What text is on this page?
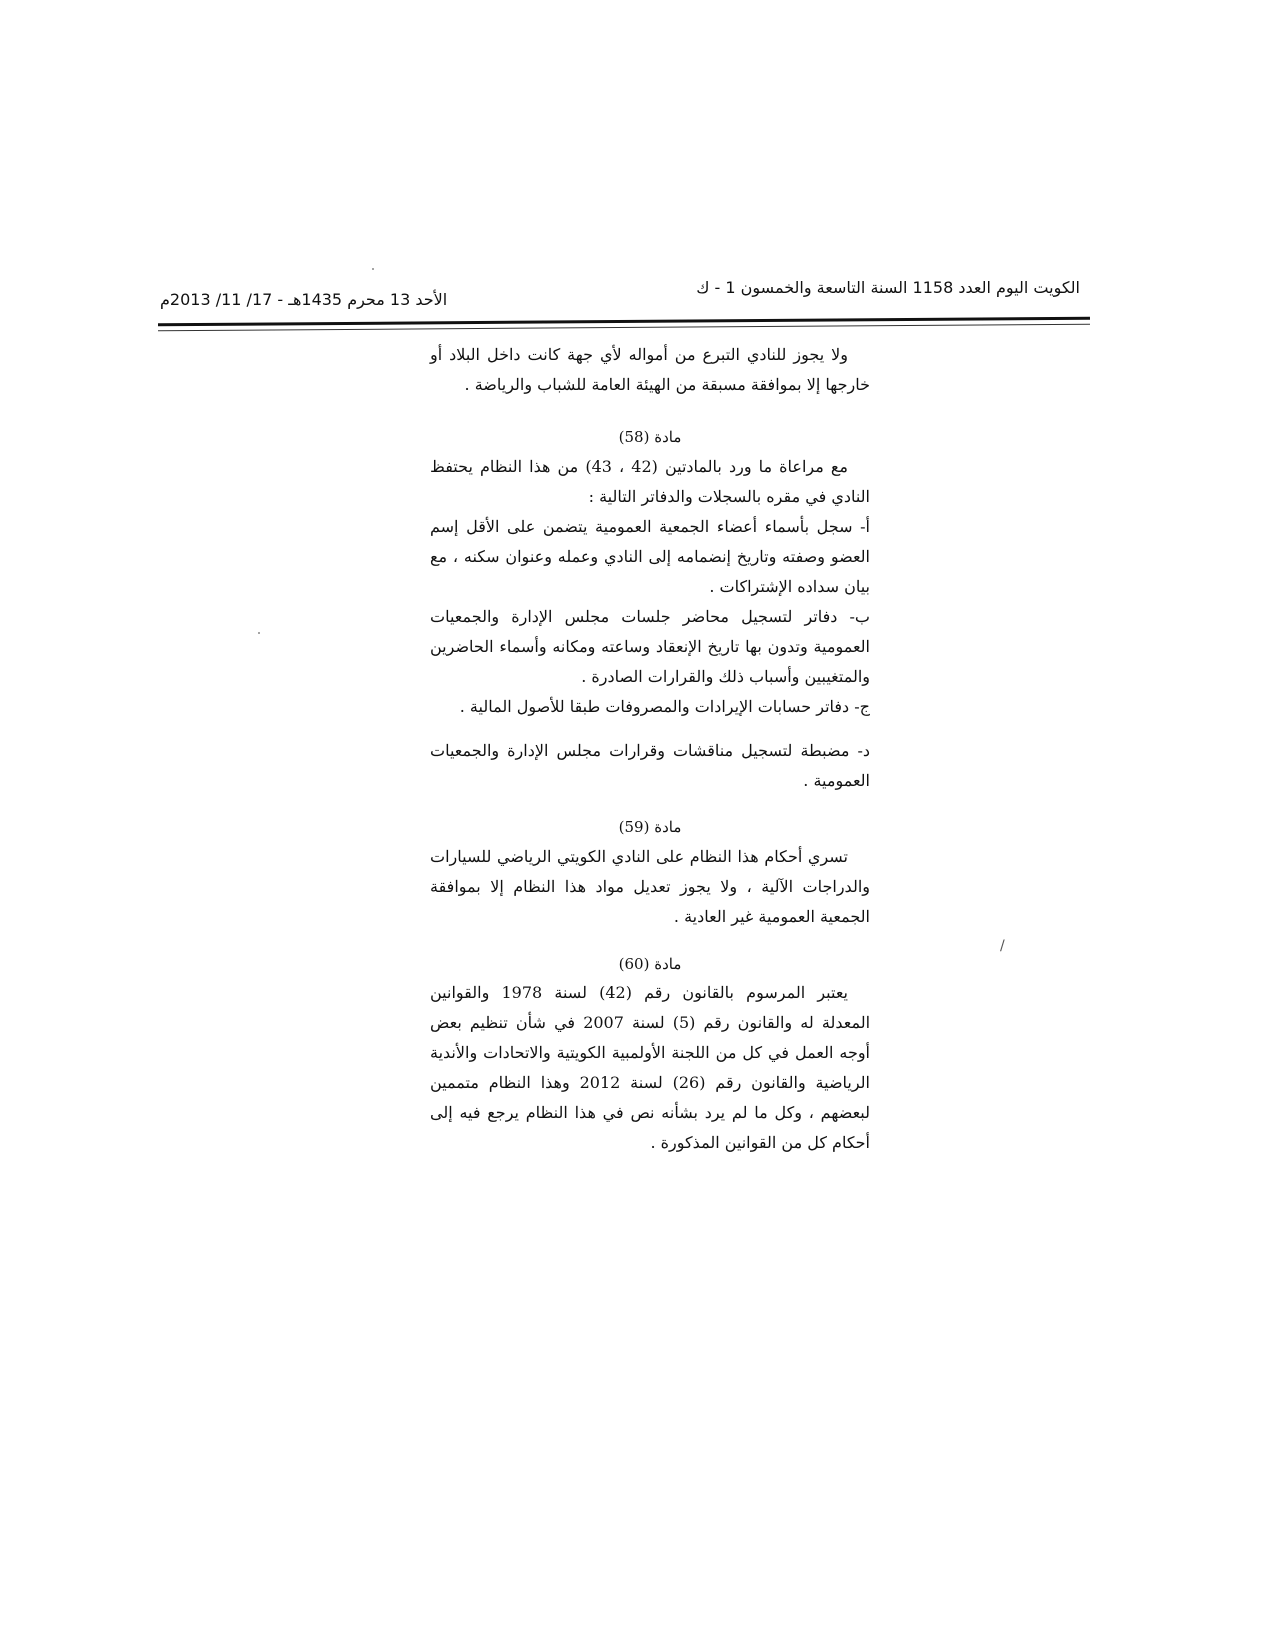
الكويت اليوم العدد 1158 السنة التاسعة والخمسون 1 - ك
الأحد 13 محرم 1435هـ - 17/ 11/ 2013م

ولا يجوز للنادي التبرع من أمواله لأي جهة كانت داخل البلاد أو خارجها إلا بموافقة مسبقة من الهيئة العامة للشباب والرياضة .

مادة (58)

مع مراعاة ما ورد بالمادتين (42 ، 43) من هذا النظام يحتفظ النادي في مقره بالسجلات والدفاتر التالية :

أ- سجل بأسماء أعضاء الجمعية العمومية يتضمن على الأقل إسم العضو وصفته وتاريخ إنضمامه إلى النادي وعمله وعنوان سكنه ، مع بيان سداده الإشتراكات .

ب- دفاتر لتسجيل محاضر جلسات مجلس الإدارة والجمعيات العمومية وتدون بها تاريخ الإنعقاد وساعته ومكانه وأسماء الحاضرين والمتغيبين وأسباب ذلك والقرارات الصادرة .

ج- دفاتر حسابات الإيرادات والمصروفات طبقا للأصول المالية .

د- مضبطة لتسجيل مناقشات وقرارات مجلس الإدارة والجمعيات العمومية .

مادة (59)

تسري أحكام هذا النظام على النادي الكويتي الرياضي للسيارات والدراجات الآلية ، ولا يجوز تعديل مواد هذا النظام إلا بموافقة الجمعية العمومية غير العادية .

مادة (60)

يعتبر المرسوم بالقانون رقم (42) لسنة 1978 والقوانين المعدلة له والقانون رقم (5) لسنة 2007 في شأن تنظيم بعض أوجه العمل في كل من اللجنة الأولمبية الكويتية والاتحادات والأندية الرياضية والقانون رقم (26) لسنة 2012 وهذا النظام متممين لبعضهم ، وكل ما لم يرد بشأنه نص في هذا النظام يرجع فيه إلى أحكام كل من القوانين المذكورة .

/
